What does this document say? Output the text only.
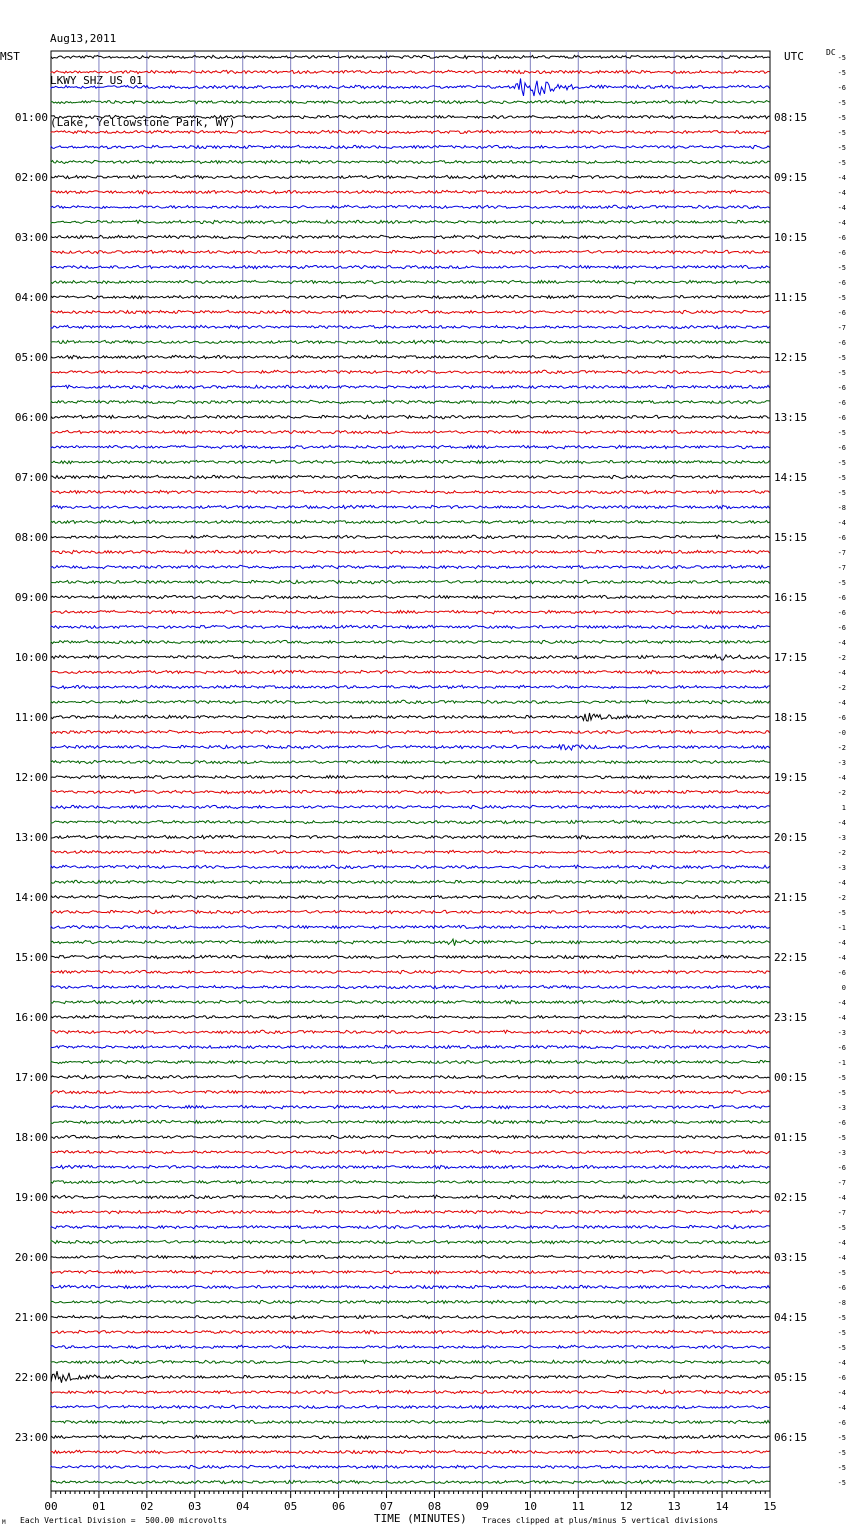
Aug13,2011

LKWY SHZ US 01

(Lake, Yellowstone Park, WY)

MST	UTC	DC
01:00
02:00
03:00
04:00
05:00
06:00
07:00
08:00
09:00
10:00
11:00
12:00
13:00
14:00
15:00
16:00
17:00
18:00
19:00
20:00
21:00
22:00
23:00
08:15
09:15
10:15
11:15
12:15
13:15
14:15
15:15
16:15
17:15
18:15
19:15
20:15
21:15
22:15
23:15
00:15
01:15
02:15
03:15
04:15
05:15
06:15
-5
-5
-6
-5
-5
-5
-5
-5
-4
-4
-4
-4
-6
-6
-5
-6
-5
-6
-7
-6
-5
-5
-6
-6
-6
-5
-6
-5
-5
-5
-8
-4
-6
-7
-7
-5
-6
-6
-6
-4
-2
-4
-2
-4
-6
-0
-2
-3
-4
-2
1
-4
-3
-2
-3
-4
-2
-5
-1
-4
-4
-6
0
-4
-4
-3
-6
-1
-5
-5
-3
-6
-5
-3
-6
-7
-4
-7
-5
-4
-4
-5
-6
-8
-5
-5
-5
-4
-6
-4
-4
-6
-5
-5
-5
-5
00	01	02	03	04	05	06	07	08	09	10	11	12	13	14	15
TIME (MINUTES)
M Each Vertical Division =  500.00 microvolts	Traces clipped at plus/minus 5 vertical divisions
